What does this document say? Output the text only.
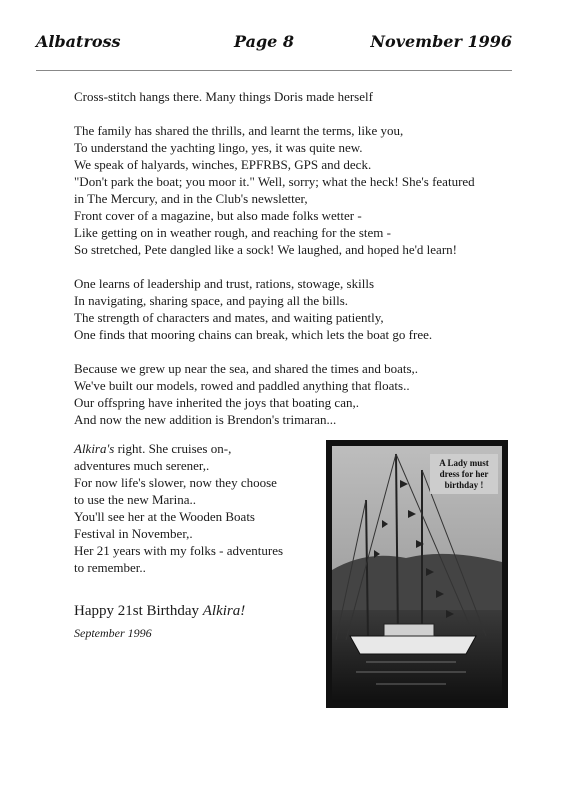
Albatross	Page 8	November 1996

Cross-stitch hangs there. Many things Doris made herself

The family has shared the thrills, and learnt the terms, like you,

To understand the yachting lingo, yes, it was quite new.

We speak of halyards, winches, EPFRBS, GPS and deck.

"Don't park the boat; you moor it." Well, sorry; what the heck! She's featured

in The Mercury, and in the Club's newsletter,

Front cover of a magazine, but also made folks wetter -

Like getting on in weather rough, and reaching for the stem -

So stretched, Pete dangled like a sock! We laughed, and hoped he'd learn!

One learns of leadership and trust, rations, stowage, skills

In navigating, sharing space, and paying all the bills.

The strength of characters and mates, and waiting patiently,

One finds that mooring chains can break, which lets the boat go free.

Because we grew up near the sea, and shared the times and boats,.

We've built our models, rowed and paddled anything that floats..

Our offspring have inherited the joys that boating can,.

And now the new addition is Brendon's trimaran...

Alkira's right. She cruises on-,

adventures much serener,.

For now life's slower, now they choose

to use the new Marina..

You'll see her at the Wooden Boats

Festival in November,.

Her 21 years with my folks - adventures

to remember..

Happy 21st Birthday Alkira!
September 1996
A Lady must
dress for her
birthday !
